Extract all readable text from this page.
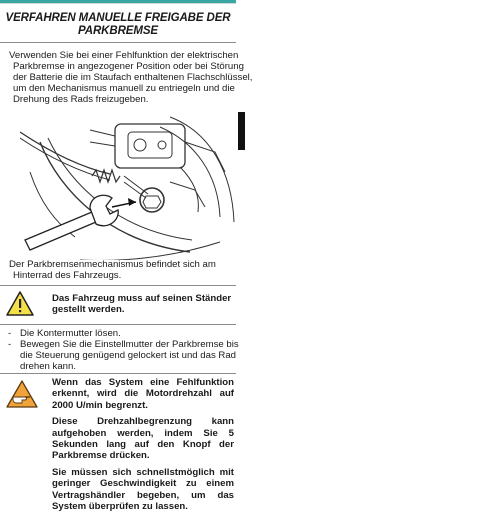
VERFAHREN MANUELLE FREIGABE DER
PARKBREMSE
Verwenden Sie bei einer Fehlfunktion der elektrischen
Parkbremse in angezogener Position oder bei Störung
der Batterie die im Staufach enthaltenen Flachschlüssel,
um den Mechanismus manuell zu entriegeln und die
Drehung des Rads freizugeben.
Der Parkbremsenmechanismus befindet sich am
Hinterrad des Fahrzeugs.
Das Fahrzeug muss auf seinen Ständer
gestellt werden.
- Die Kontermutter lösen.
- Bewegen Sie die Einstellmutter der Parkbremse bis die Steuerung genügend gelockert ist und das Rad drehen kann.

Wenn das System eine Fehlfunktion erkennt, wird die Motordrehzahl auf 2000 U/min begrenzt.

Diese Drehzahlbegrenzung kann aufgehoben werden, indem Sie 5 Sekunden lang auf den Knopf der Parkbremse drücken.

Sie müssen sich schnellstmöglich mit geringer Geschwindigkeit zu einem Vertragshändler begeben, um das System überprüfen zu lassen.
